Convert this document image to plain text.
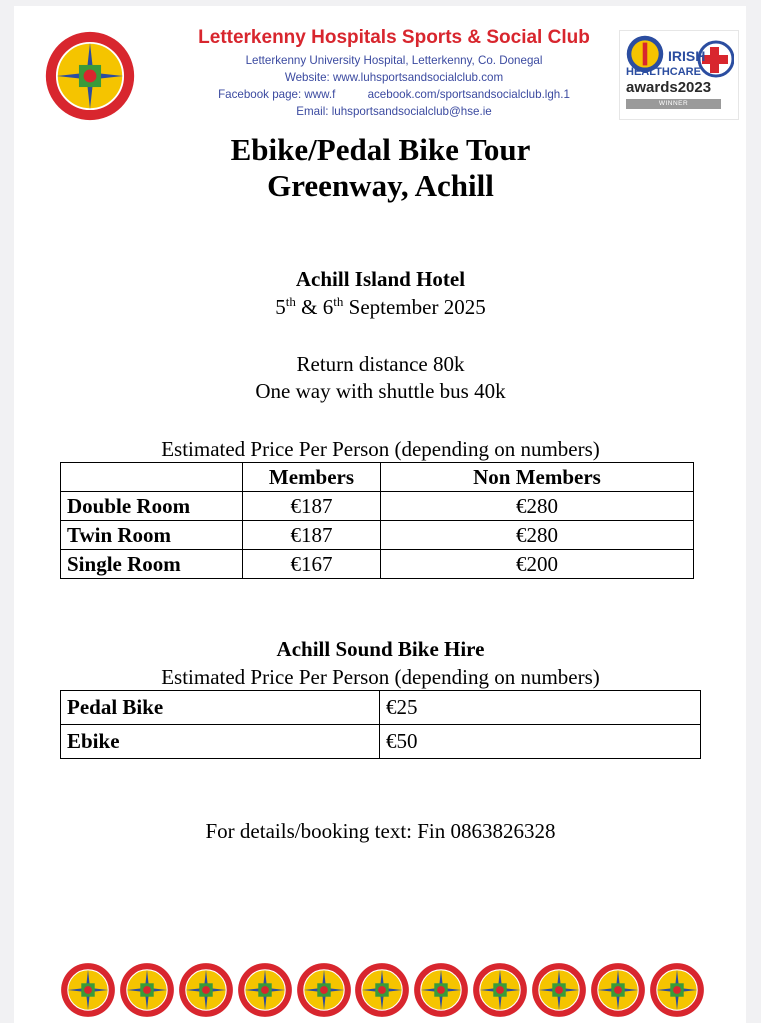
Letterkenny Hospitals Sports & Social Club
Letterkenny University Hospital, Letterkenny, Co. Donegal
Website: www.luhsportsandsocialclub.com
Facebook page: www.f          acebook.com/sportsandsocialclub.lgh.1
Email: luhsportsandsocialclub@hse.ie
IRISH
HEALTHCARE
awards2023
WINNER
Ebike/Pedal Bike Tour
Greenway, Achill
Achill Island Hotel
5th & 6th September 2025
Return distance 80k
One way with shuttle bus 40k
Estimated Price Per Person (depending on numbers)
	Members	Non Members
Double Room	€187	€280
Twin Room	€187	€280
Single Room	€167	€200
Achill Sound Bike Hire
Estimated Price Per Person (depending on numbers)
Pedal Bike	€25
Ebike	€50
For details/booking text: Fin 0863826328
